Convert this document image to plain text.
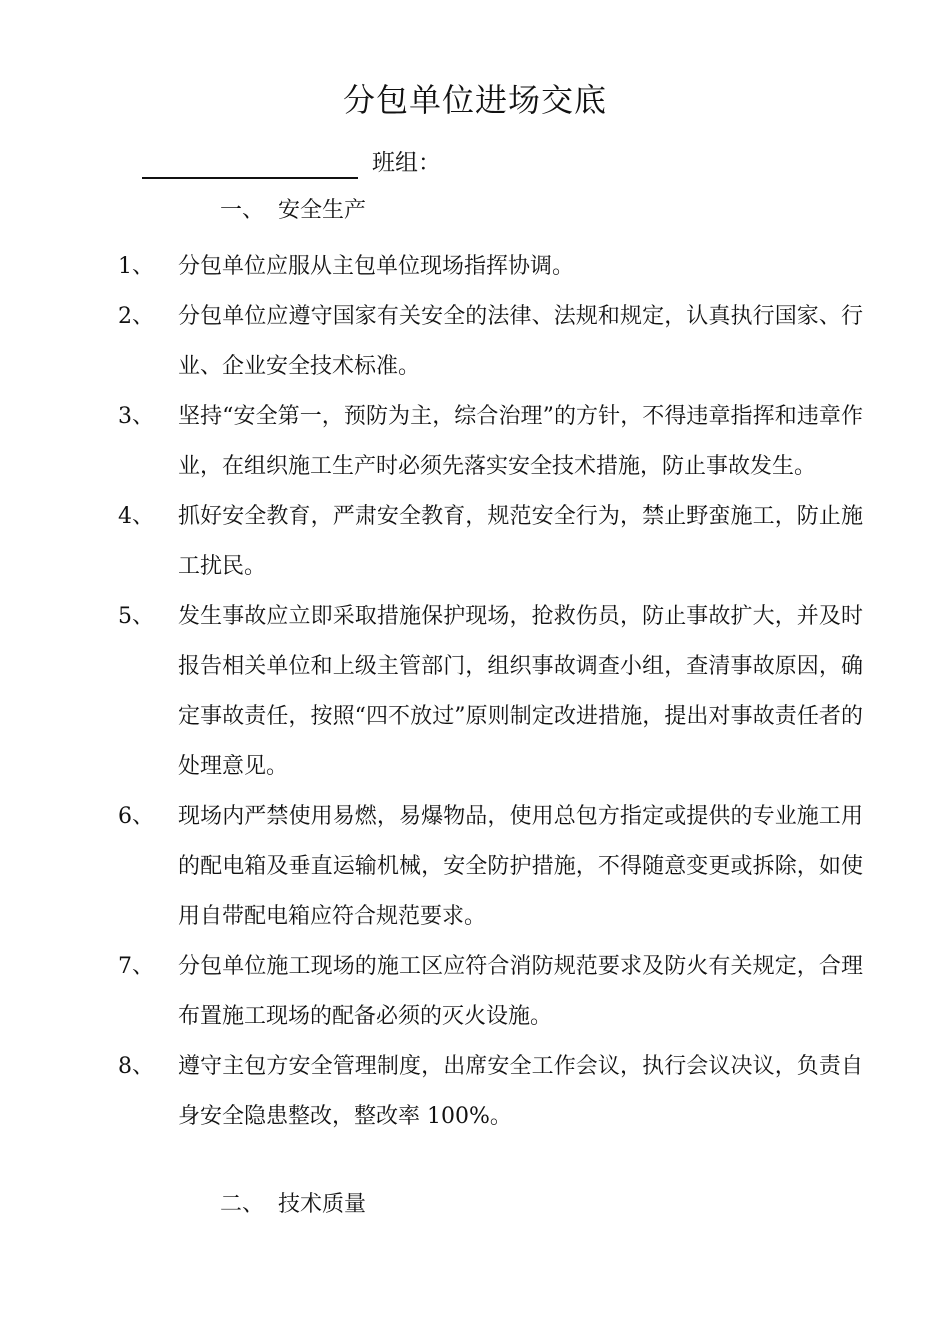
分包单位进场交底
班组：
一、 安全生产
1、	分包单位应服从主包单位现场指挥协调。
2、	分包单位应遵守国家有关安全的法律、法规和规定，认真执行国家、行业、企业安全技术标准。
3、	坚持“安全第一，预防为主，综合治理”的方针，不得违章指挥和违章作业，在组织施工生产时必须先落实安全技术措施，防止事故发生。
4、	抓好安全教育，严肃安全教育，规范安全行为，禁止野蛮施工，防止施工扰民。
5、	发生事故应立即采取措施保护现场，抢救伤员，防止事故扩大，并及时报告相关单位和上级主管部门，组织事故调查小组，查清事故原因，确定事故责任，按照“四不放过”原则制定改进措施，提出对事故责任者的处理意见。
6、	现场内严禁使用易燃，易爆物品，使用总包方指定或提供的专业施工用的配电箱及垂直运输机械，安全防护措施，不得随意变更或拆除，如使用自带配电箱应符合规范要求。
7、	分包单位施工现场的施工区应符合消防规范要求及防火有关规定，合理布置施工现场的配备必须的灭火设施。
8、	遵守主包方安全管理制度，出席安全工作会议，执行会议决议，负责自身安全隐患整改，整改率 100%。
二、 技术质量
